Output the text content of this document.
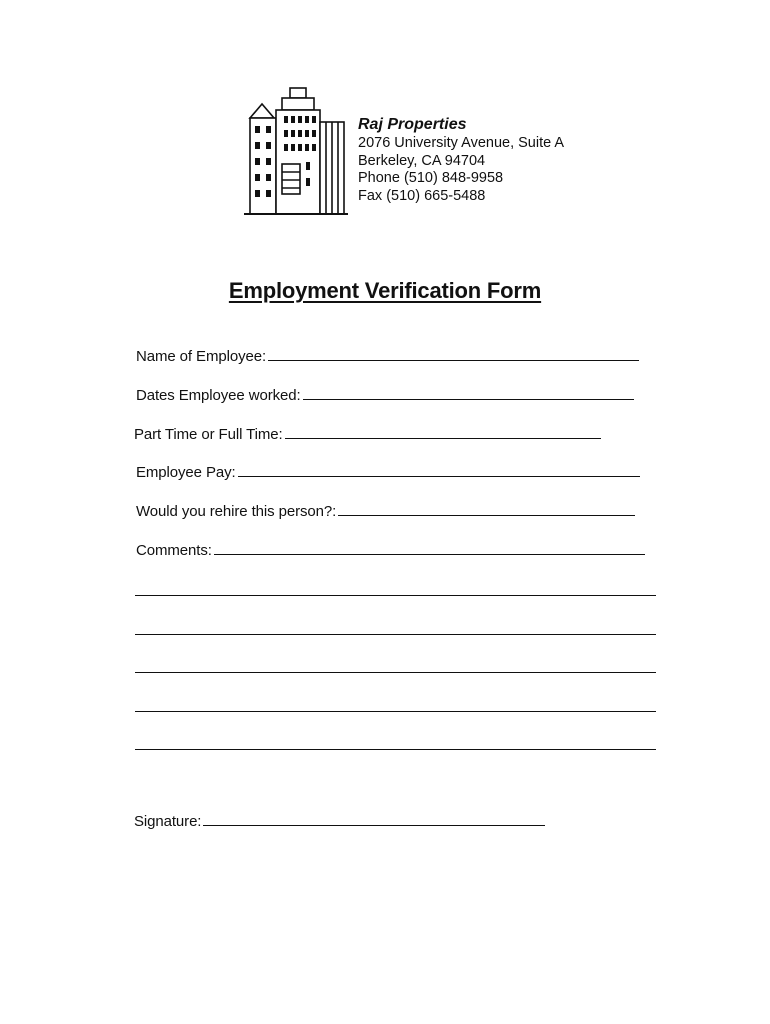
Raj Properties
2076 University Avenue, Suite A
Berkeley, CA 94704
Phone (510) 848-9958
Fax (510) 665-5488
Employment Verification Form
Name of Employee:
Dates Employee worked:
Part Time or Full Time:
Employee Pay:
Would you rehire this person?:
Comments:
Signature:
